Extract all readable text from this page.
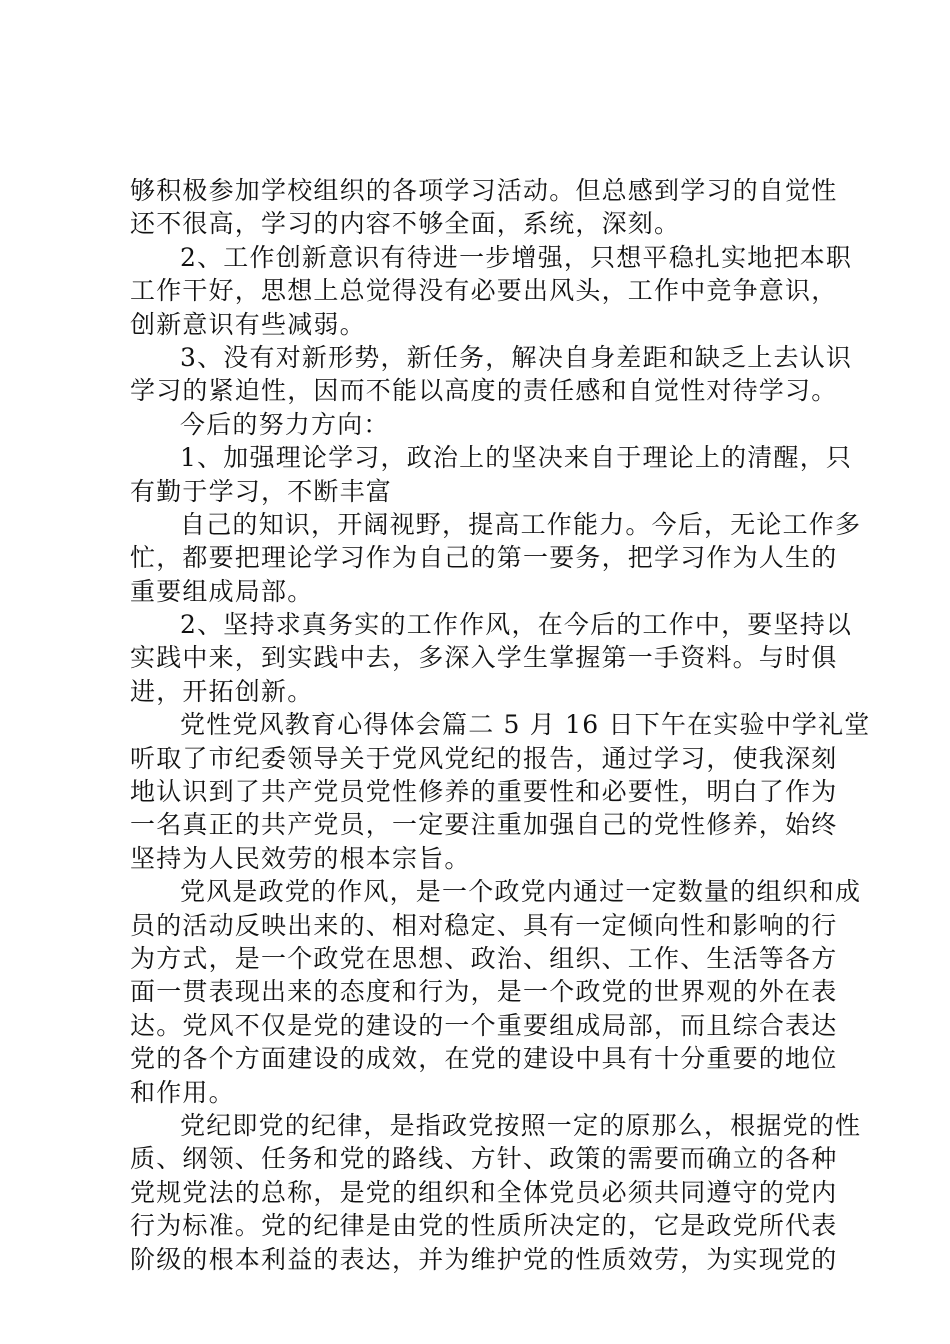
够积极参加学校组织的各项学习活动。但总感到学习的自觉性
还不很高，学习的内容不够全面，系统，深刻。
2、工作创新意识有待进一步增强，只想平稳扎实地把本职
工作干好，思想上总觉得没有必要出风头，工作中竞争意识，
创新意识有些减弱。
3、没有对新形势，新任务，解决自身差距和缺乏上去认识
学习的紧迫性，因而不能以高度的责任感和自觉性对待学习。
今后的努力方向：
1、加强理论学习，政治上的坚决来自于理论上的清醒，只
有勤于学习，不断丰富
自己的知识，开阔视野，提高工作能力。今后，无论工作多
忙，都要把理论学习作为自己的第一要务，把学习作为人生的
重要组成局部。
2、坚持求真务实的工作作风，在今后的工作中，要坚持以
实践中来，到实践中去，多深入学生掌握第一手资料。与时俱
进，开拓创新。
党性党风教育心得体会篇二 5 月 16 日下午在实验中学礼堂
听取了市纪委领导关于党风党纪的报告，通过学习，使我深刻
地认识到了共产党员党性修养的重要性和必要性，明白了作为
一名真正的共产党员，一定要注重加强自己的党性修养，始终
坚持为人民效劳的根本宗旨。
党风是政党的作风，是一个政党内通过一定数量的组织和成
员的活动反映出来的、相对稳定、具有一定倾向性和影响的行
为方式，是一个政党在思想、政治、组织、工作、生活等各方
面一贯表现出来的态度和行为，是一个政党的世界观的外在表
达。党风不仅是党的建设的一个重要组成局部，而且综合表达
党的各个方面建设的成效，在党的建设中具有十分重要的地位
和作用。
党纪即党的纪律，是指政党按照一定的原那么，根据党的性
质、纲领、任务和党的路线、方针、政策的需要而确立的各种
党规党法的总称，是党的组织和全体党员必须共同遵守的党内
行为标准。党的纪律是由党的性质所决定的，它是政党所代表
阶级的根本利益的表达，并为维护党的性质效劳，为实现党的
